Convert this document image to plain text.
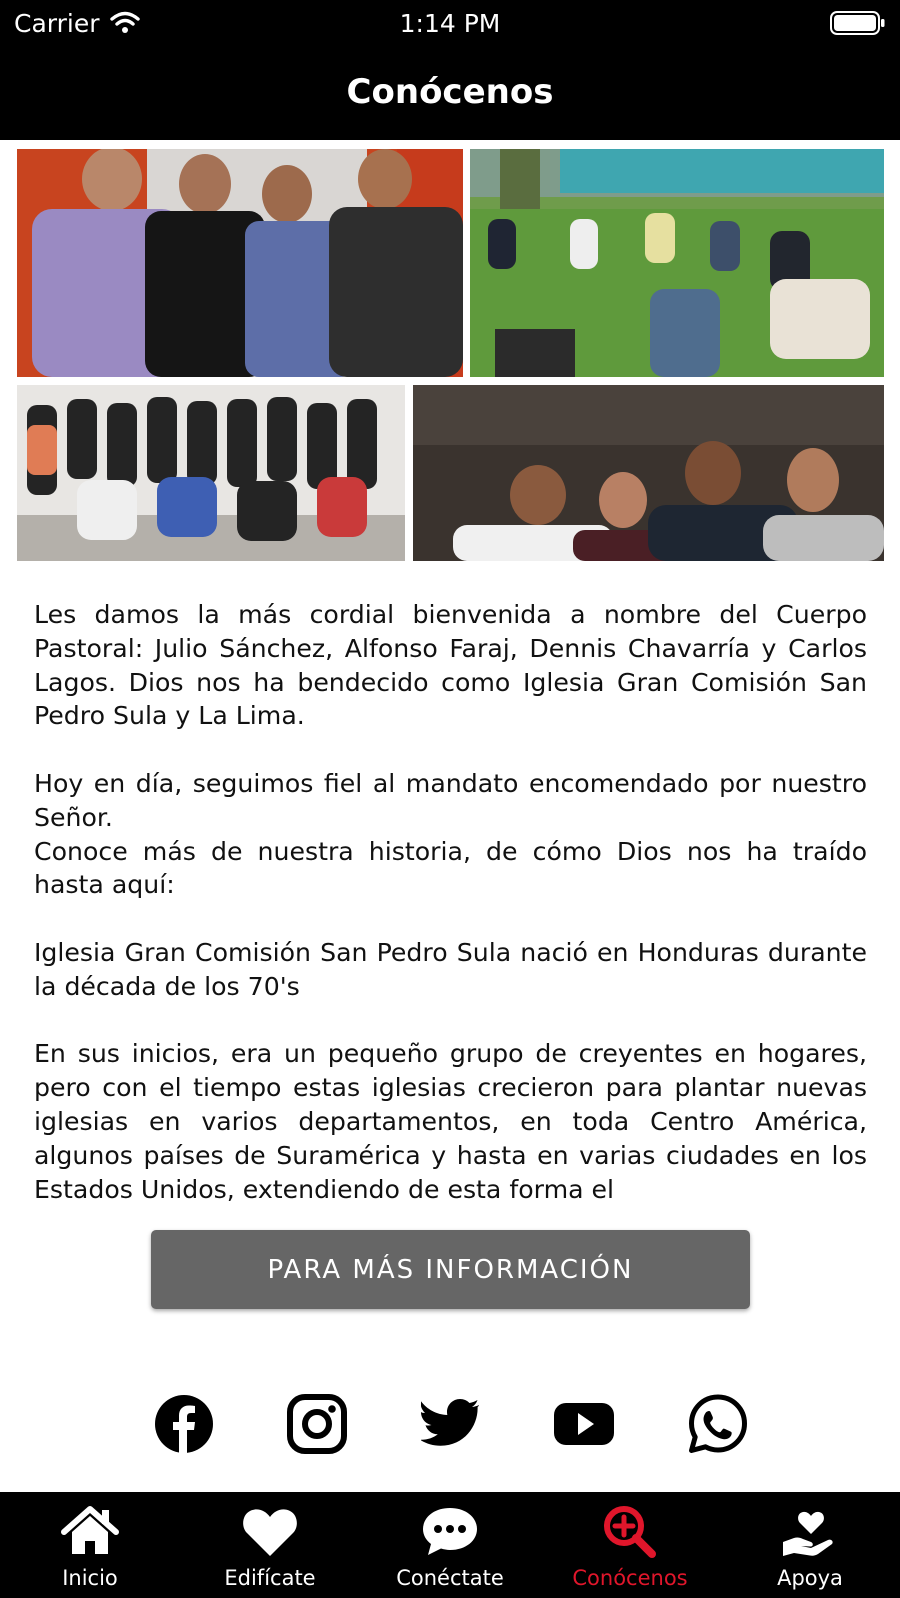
Carrier	1:14 PM
Conócenos

Les damos la más cordial bienvenida a nombre del Cuerpo Pastoral: Julio Sánchez, Alfonso Faraj, Dennis Chavarría y Carlos Lagos. Dios nos ha bendecido como Iglesia Gran Comisión San Pedro Sula y La Lima.

Hoy en día, seguimos fiel al mandato encomendado por nuestro Señor.

Conoce más de nuestra historia, de cómo Dios nos ha traído hasta aquí:

Iglesia Gran Comisión San Pedro Sula nació en Honduras durante la década de los 70's

En sus inicios, era un pequeño grupo de creyentes en hogares, pero con el tiempo estas iglesias crecieron para plantar nuevas iglesias en varios departamentos, en toda Centro América, algunos países de Suramérica y hasta en varias ciudades en los Estados Unidos, extendiendo de esta forma el

PARA MÁS INFORMACIÓN
Inicio	Edifícate	Conéctate	Conócenos	Apoya
